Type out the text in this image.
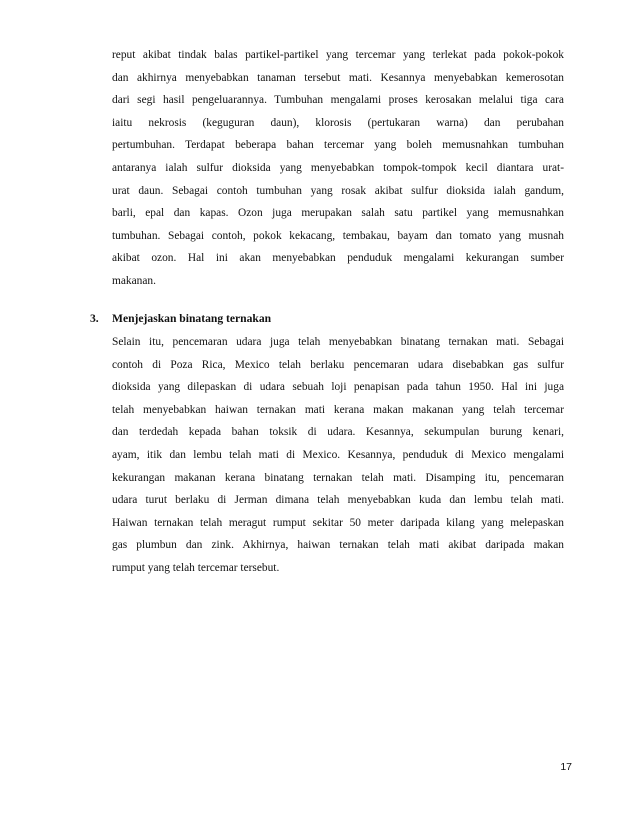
reput akibat tindak balas partikel-partikel yang tercemar yang terlekat pada pokok-pokok
dan akhirnya menyebabkan tanaman tersebut mati. Kesannya menyebabkan kemerosotan
dari segi hasil pengeluarannya. Tumbuhan mengalami proses kerosakan melalui tiga cara
iaitu nekrosis (keguguran daun), klorosis (pertukaran warna) dan perubahan
pertumbuhan. Terdapat beberapa bahan tercemar yang boleh memusnahkan tumbuhan
antaranya ialah sulfur dioksida yang menyebabkan tompok-tompok kecil diantara urat-
urat daun. Sebagai contoh tumbuhan yang rosak akibat sulfur dioksida ialah gandum,
barli, epal dan kapas. Ozon juga merupakan salah satu partikel yang memusnahkan
tumbuhan. Sebagai contoh, pokok kekacang, tembakau, bayam dan tomato yang musnah
akibat ozon. Hal ini akan menyebabkan penduduk mengalami kekurangan sumber
makanan.
3. Menjejaskan binatang ternakan
Selain itu, pencemaran udara juga telah menyebabkan binatang ternakan mati. Sebagai
contoh di Poza Rica, Mexico telah berlaku pencemaran udara disebabkan gas sulfur
dioksida yang dilepaskan di udara sebuah loji penapisan pada tahun 1950. Hal ini juga
telah menyebabkan haiwan ternakan mati kerana makan makanan yang telah tercemar
dan terdedah kepada bahan toksik di udara. Kesannya, sekumpulan burung kenari,
ayam, itik dan lembu telah mati di Mexico. Kesannya, penduduk di Mexico mengalami
kekurangan makanan kerana binatang ternakan telah mati. Disamping itu, pencemaran
udara turut berlaku di Jerman dimana telah menyebabkan kuda dan lembu telah mati.
Haiwan ternakan telah meragut rumput sekitar 50 meter daripada kilang yang melepaskan
gas plumbun dan zink. Akhirnya, haiwan ternakan telah mati akibat daripada makan
rumput yang telah tercemar tersebut.
17
